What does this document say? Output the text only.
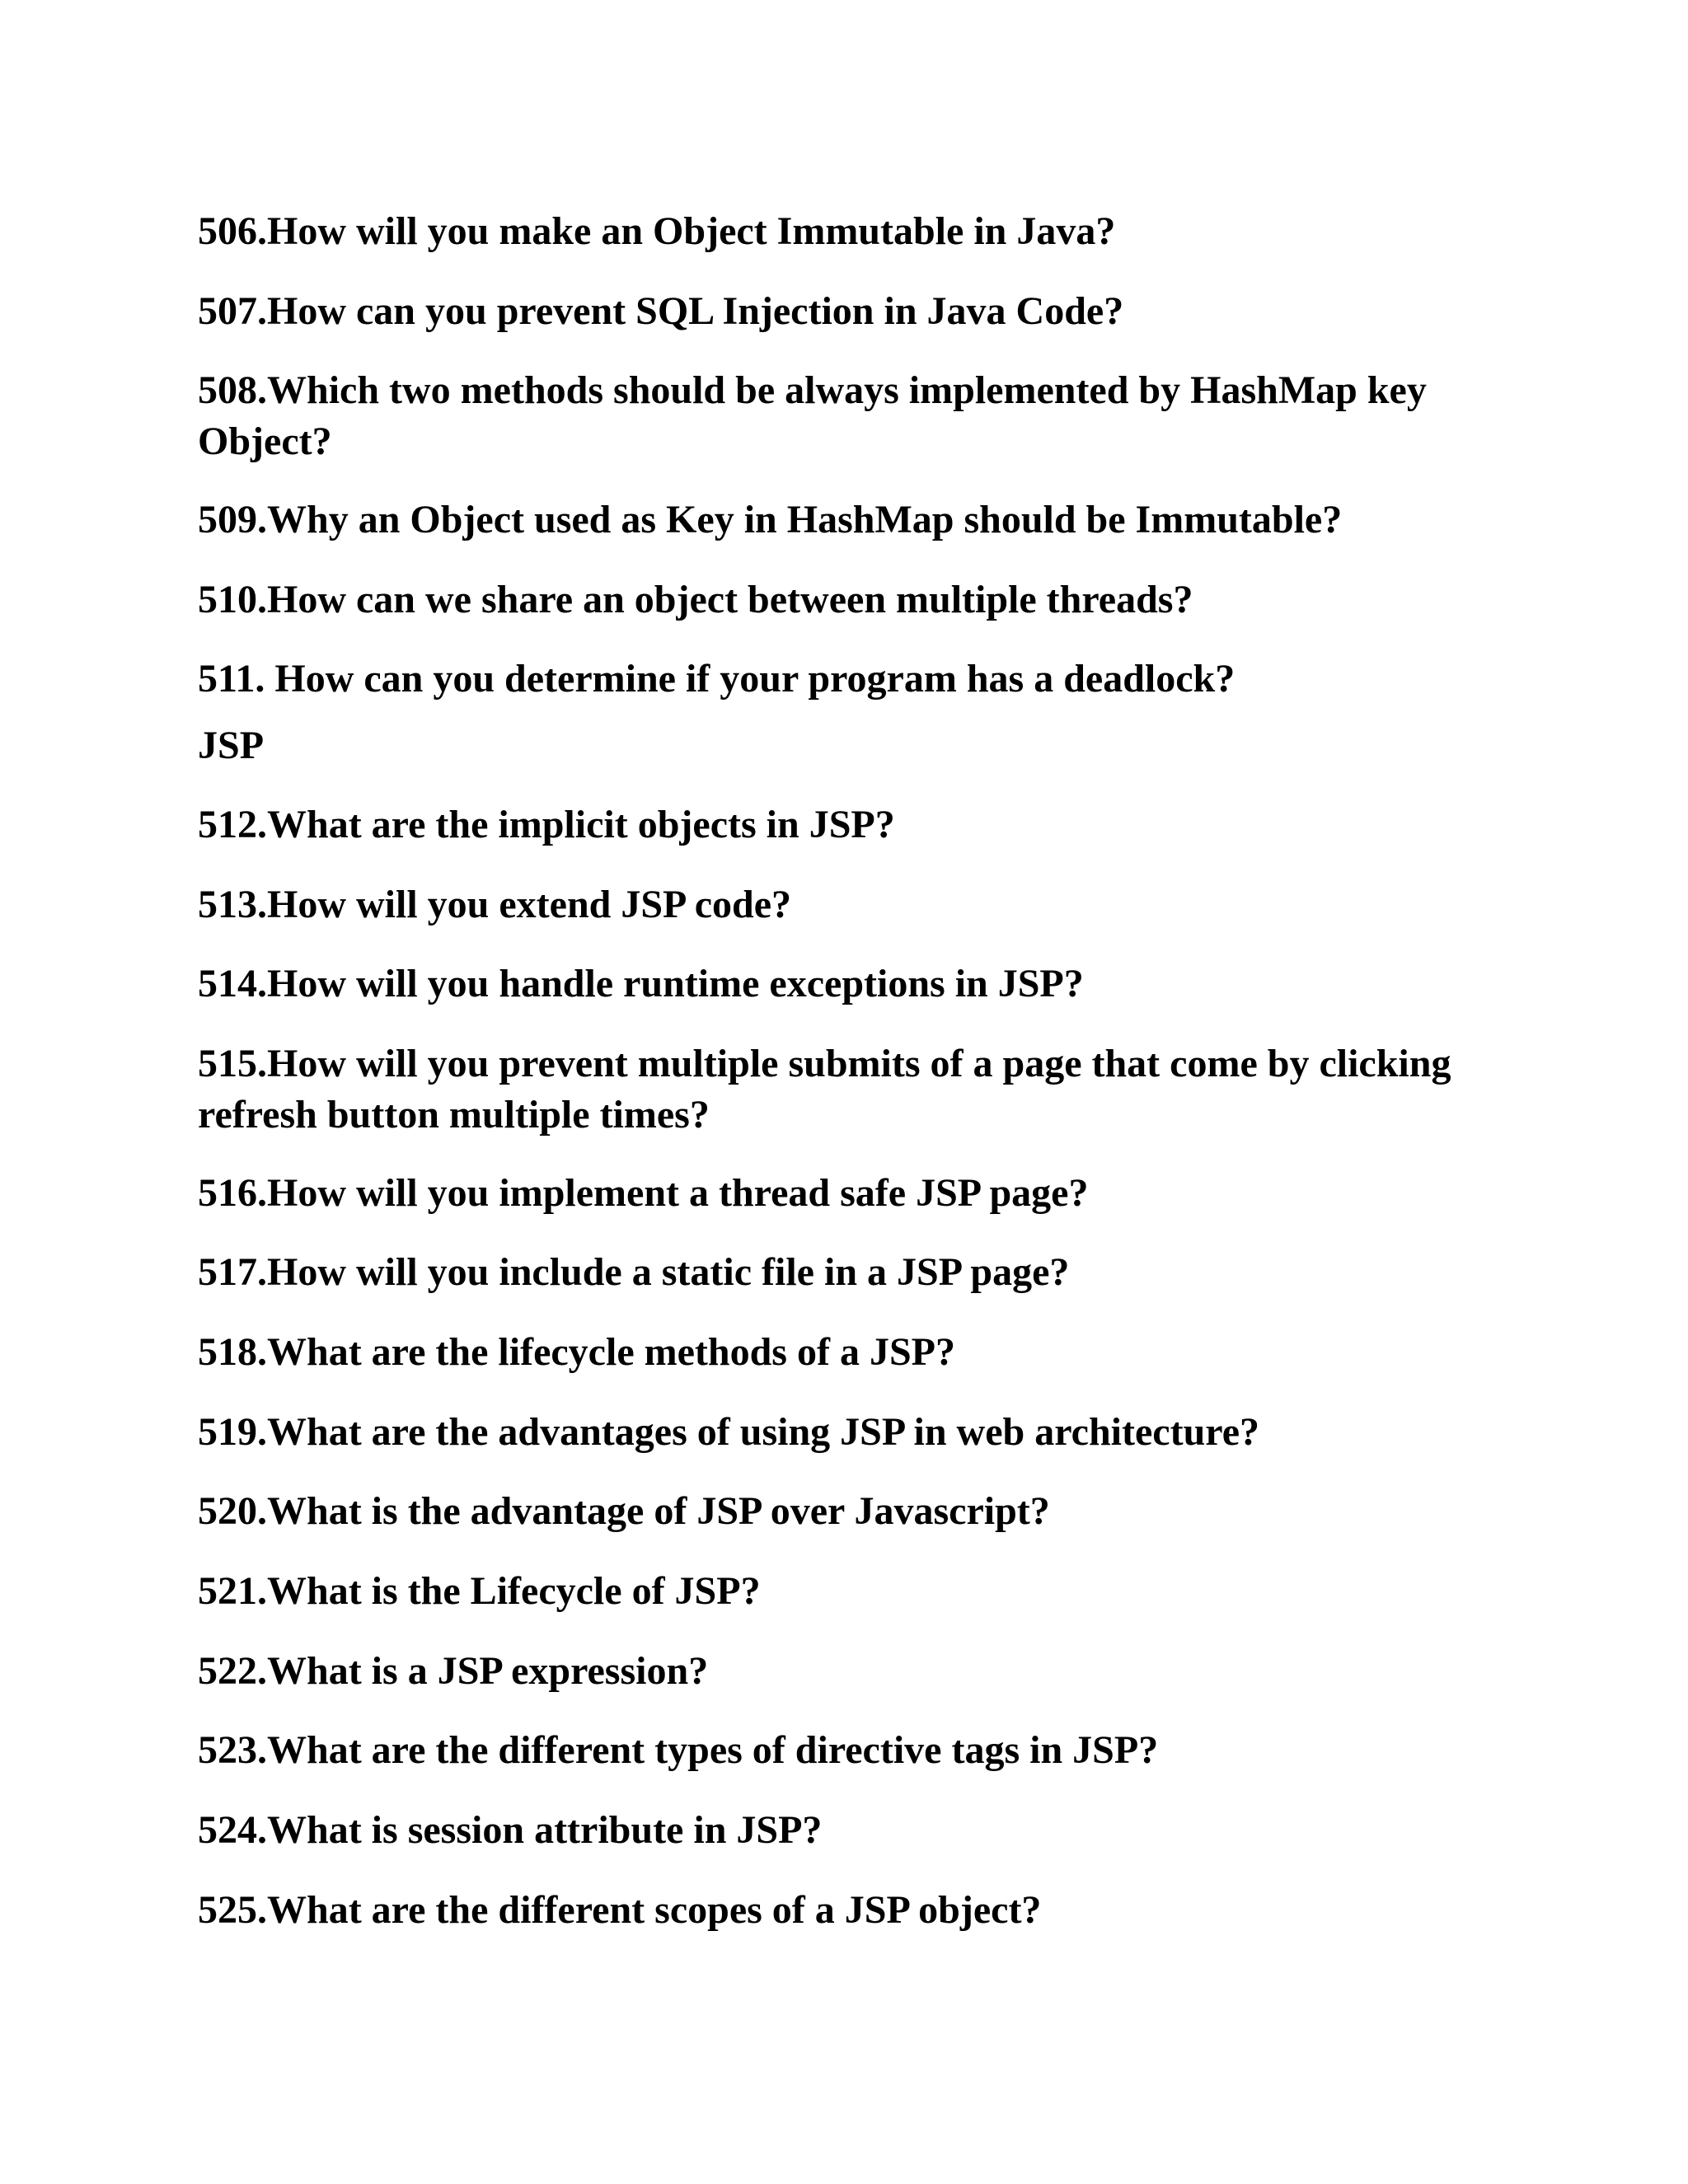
506.How will you make an Object Immutable in Java?

507.How can you prevent SQL Injection in Java Code?

508.Which two methods should be always implemented by HashMap key Object?

509.Why an Object used as Key in HashMap should be Immutable?

510.How can we share an object between multiple threads?

511. How can you determine if your program has a deadlock?

JSP

512.What are the implicit objects in JSP?

513.How will you extend JSP code?

514.How will you handle runtime exceptions in JSP?

515.How will you prevent multiple submits of a page that come by clicking refresh button multiple times?

516.How will you implement a thread safe JSP page?

517.How will you include a static file in a JSP page?

518.What are the lifecycle methods of a JSP?

519.What are the advantages of using JSP in web architecture?

520.What is the advantage of JSP over Javascript?

521.What is the Lifecycle of JSP?

522.What is a JSP expression?

523.What are the different types of directive tags in JSP?

524.What is session attribute in JSP?

525.What are the different scopes of a JSP object?
